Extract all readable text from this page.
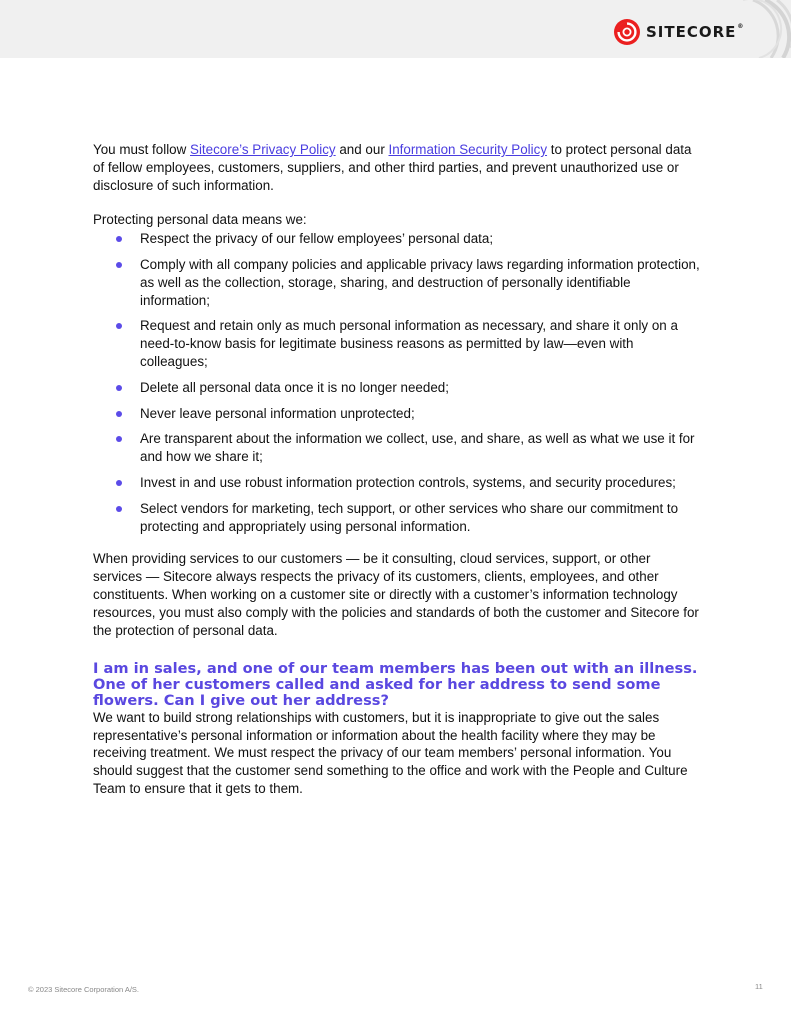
SITECORE®

You must follow Sitecore’s Privacy Policy and our Information Security Policy to protect personal data of fellow employees, customers, suppliers, and other third parties, and prevent unauthorized use or disclosure of such information.

Protecting personal data means we:

Respect the privacy of our fellow employees’ personal data;
Comply with all company policies and applicable privacy laws regarding information protection, as well as the collection, storage, sharing, and destruction of personally identifiable information;
Request and retain only as much personal information as necessary, and share it only on a need-to-know basis for legitimate business reasons as permitted by law—even with colleagues;
Delete all personal data once it is no longer needed;
Never leave personal information unprotected;
Are transparent about the information we collect, use, and share, as well as what we use it for and how we share it;
Invest in and use robust information protection controls, systems, and security procedures;
Select vendors for marketing, tech support, or other services who share our commitment to protecting and appropriately using personal information.

When providing services to our customers — be it consulting, cloud services, support, or other services — Sitecore always respects the privacy of its customers, clients, employees, and other constituents. When working on a customer site or directly with a customer’s information technology resources, you must also comply with the policies and standards of both the customer and Sitecore for the protection of personal data.

I am in sales, and one of our team members has been out with an illness. One of her customers called and asked for her address to send some flowers. Can I give out her address?

We want to build strong relationships with customers, but it is inappropriate to give out the sales representative’s personal information or information about the health facility where they may be receiving treatment. We must respect the privacy of our team members’ personal information. You should suggest that the customer send something to the office and work with the People and Culture Team to ensure that it gets to them.

© 2023 Sitecore Corporation A/S.	11
